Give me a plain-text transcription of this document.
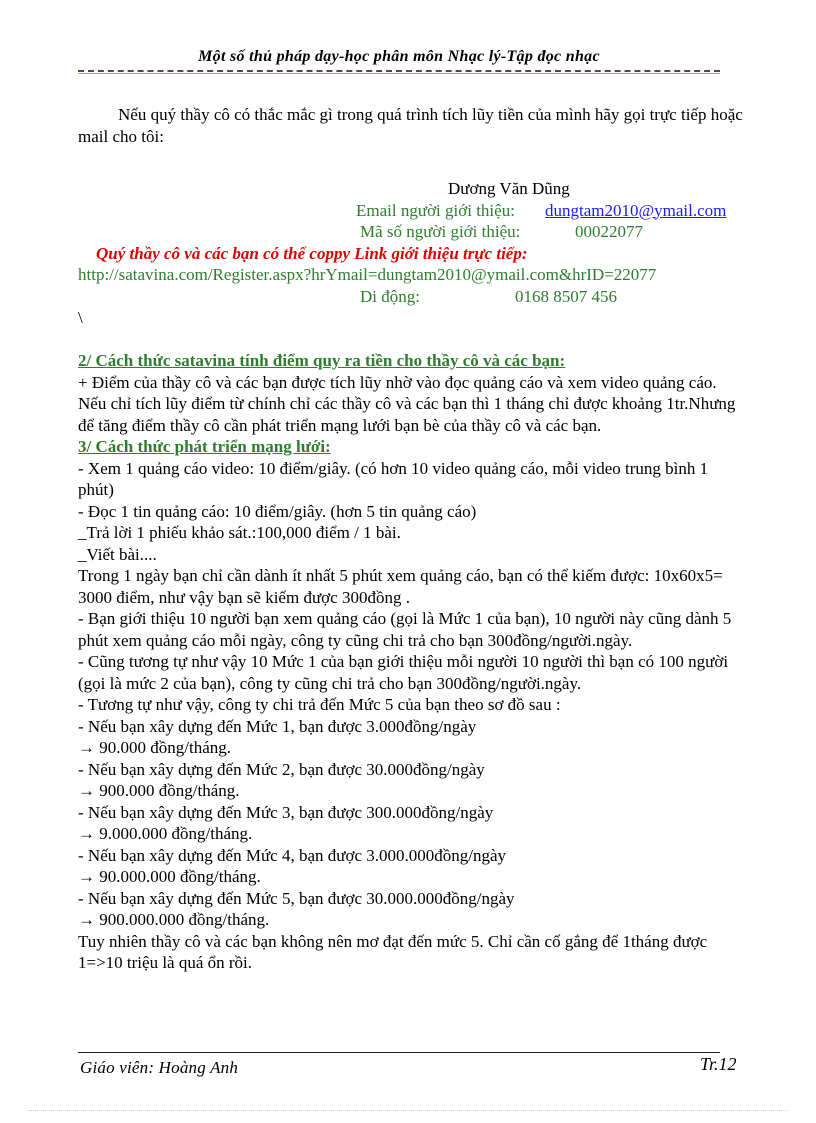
Một số thủ pháp dạy-học phân môn Nhạc lý-Tập đọc nhạc

Nếu quý thầy cô có thắc mắc gì trong quá trình tích lũy tiền của mình hãy gọi trực tiếp hoặc mail cho tôi:

Dương Văn Dũng
Email người giới thiệu: dungtam2010@ymail.com
Mã số người giới thiệu:	00022077
Quý thầy cô và các bạn có thể coppy Link giới thiệu trực tiếp:
http://satavina.com/Register.aspx?hrYmail=dungtam2010@ymail.com&hrID=22077
Di động:	0168 8507 456
\

2/ Cách thức satavina tính điểm quy ra tiền cho thầy cô và các bạn:

+ Điểm của thầy cô và các bạn được tích lũy nhờ vào đọc quảng cáo và xem video quảng cáo.

Nếu chỉ tích lũy điểm từ chính chỉ các thầy cô và các bạn thì 1 tháng chỉ được khoảng 1tr.Nhưng để tăng điểm thầy cô cần phát triển mạng lưới bạn bè của thầy cô và các bạn.

3/ Cách thức phát triển mạng lưới:

- Xem 1 quảng cáo video: 10 điểm/giây. (có hơn 10 video quảng cáo, mỗi video trung bình 1 phút)

- Đọc 1 tin quảng cáo: 10 điểm/giây. (hơn 5 tin quảng cáo)

_Trả lời 1 phiếu khảo sát.:100,000 điểm / 1 bài.

_Viết bài....

Trong 1 ngày bạn chỉ cần dành ít nhất 5 phút xem quảng cáo, bạn có thể kiếm được: 10x60x5= 3000 điểm, như vậy bạn sẽ kiếm được 300đồng .

- Bạn giới thiệu 10 người bạn xem quảng cáo (gọi là Mức 1 của bạn), 10 người này cũng dành 5 phút xem quảng cáo mỗi ngày, công ty cũng chi trả cho bạn 300đồng/người.ngày.

- Cũng tương tự như vậy 10 Mức 1 của bạn giới thiệu mỗi người 10 người thì bạn có 100 người (gọi là mức 2 của bạn), công ty cũng chi trả cho bạn 300đồng/người.ngày.

- Tương tự như vậy, công ty chi trả đến Mức 5 của bạn theo sơ đồ sau :

- Nếu bạn xây dựng đến Mức 1, bạn được 3.000đồng/ngày

→ 90.000 đồng/tháng.

- Nếu bạn xây dựng đến Mức 2, bạn được 30.000đồng/ngày

→ 900.000 đồng/tháng.

- Nếu bạn xây dựng đến Mức 3, bạn được 300.000đồng/ngày

→ 9.000.000 đồng/tháng.

- Nếu bạn xây dựng đến Mức 4, bạn được 3.000.000đồng/ngày

→ 90.000.000 đồng/tháng.

- Nếu bạn xây dựng đến Mức 5, bạn được 30.000.000đồng/ngày

→ 900.000.000 đồng/tháng.

Tuy nhiên thầy cô và các bạn không nên mơ đạt đến mức 5. Chỉ cần cố gắng để 1tháng được 1=>10 triệu là quá ổn rồi.

Giáo viên: Hoàng Anh	Tr.12
